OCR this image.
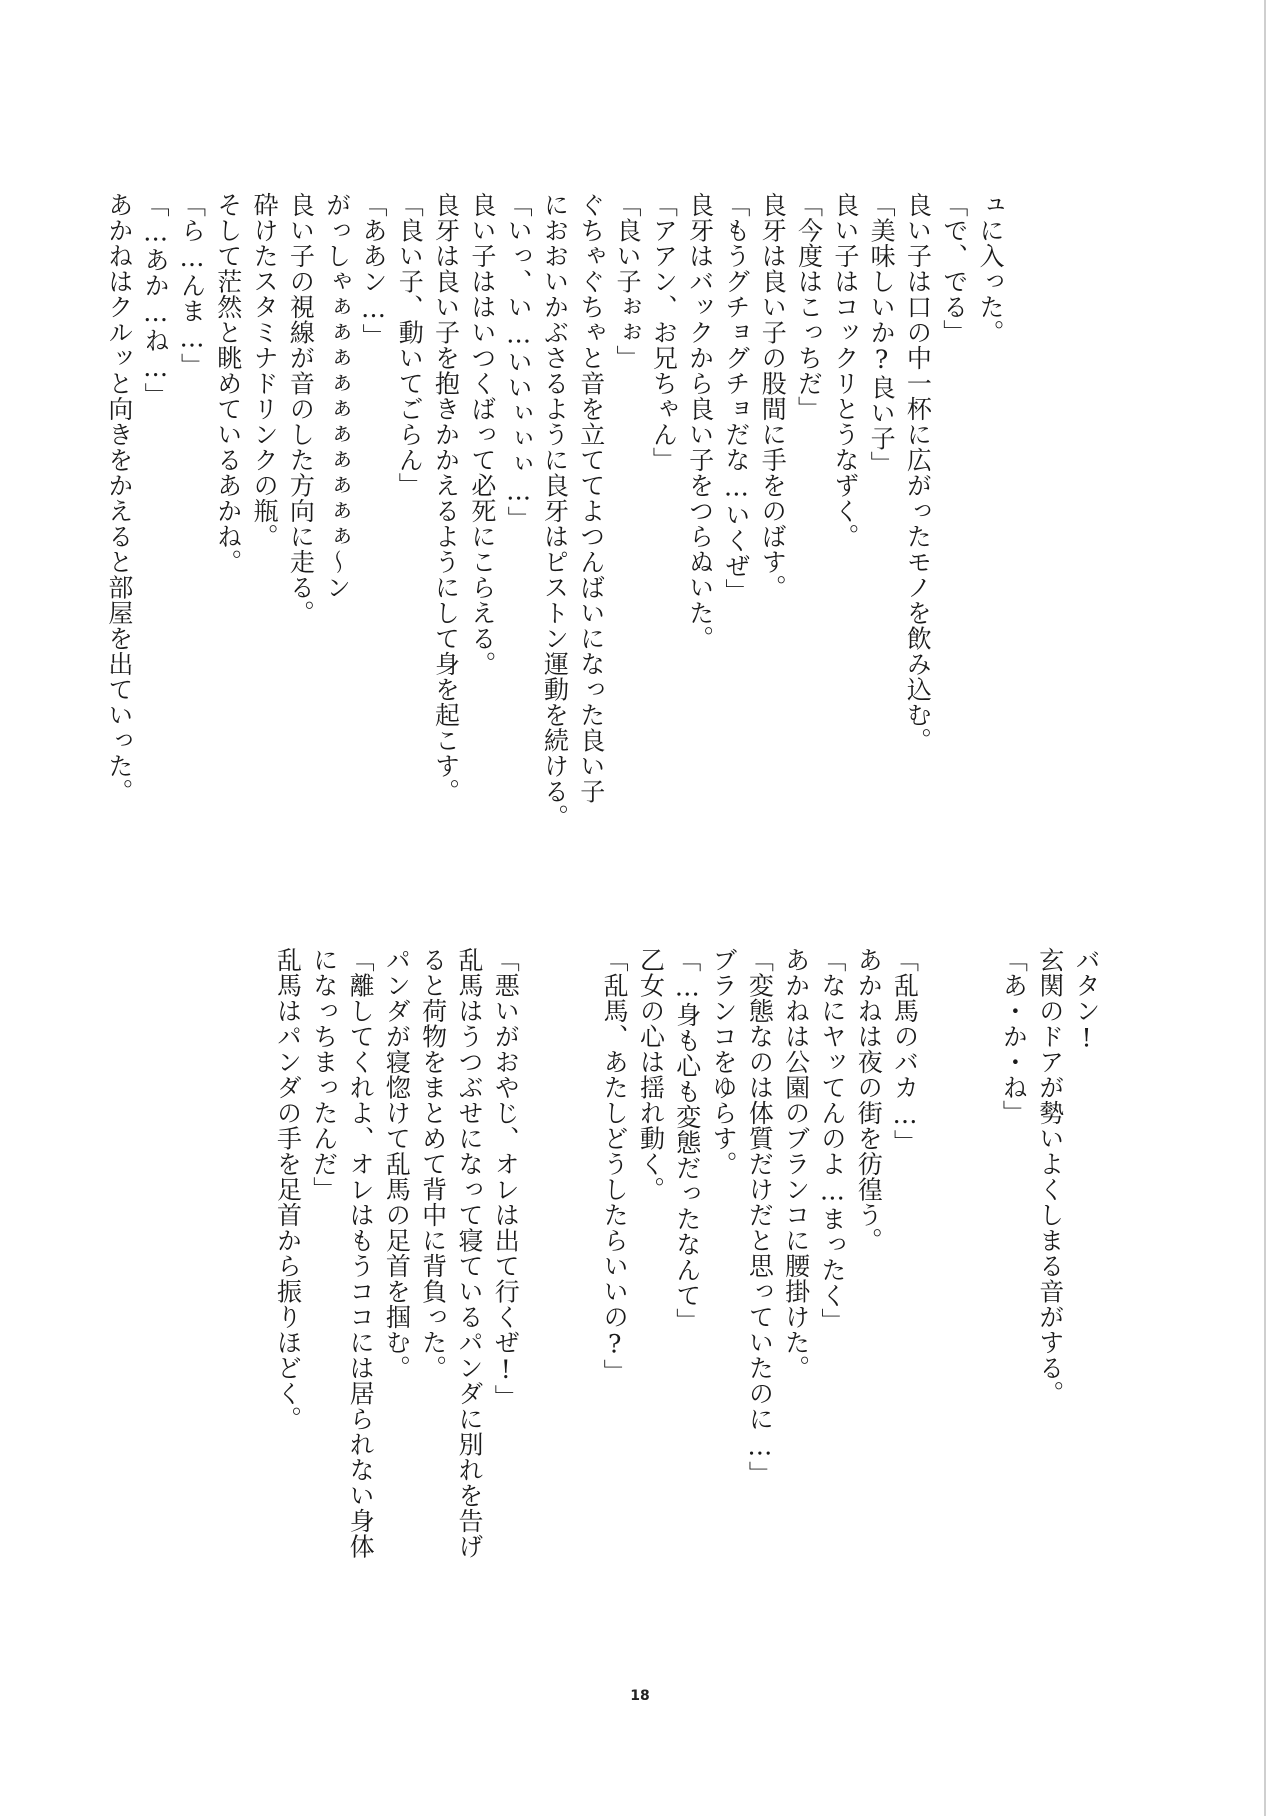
ュに入った。

「で、でる」

良い子は口の中一杯に広がったモノを飲み込む。

「美味しいか?良い子」

良い子はコックリとうなずく。

「今度はこっちだ」

良牙は良い子の股間に手をのばす。

「もうグチョグチョだな…いくぜ」

良牙はバックから良い子をつらぬいた。

「アアン、お兄ちゃん」

「良い子ぉぉ」

ぐちゃぐちゃと音を立ててよつんばいになった良い子

におおいかぶさるように良牙はピストン運動を続ける。

「いっ、い…いいぃぃぃ…」

良い子ははいつくばって必死にこらえる。

良牙は良い子を抱きかかえるようにして身を起こす。

「良い子、動いてごらん」

「ああン…」

がっしゃぁぁぁぁぁぁぁぁぁぁ〜ン

良い子の視線が音のした方向に走る。

砕けたスタミナドリンクの瓶。

そして茫然と眺めているあかね。

「ら…んま…」

「…あか…ね…」

あかねはクルッと向きをかえると部屋を出ていった。

バタン!

玄関のドアが勢いよくしまる音がする。

「あ・か・ね」

「乱馬のバカ…」

あかねは夜の街を彷徨う。

「なにヤッてんのよ…まったく」

あかねは公園のブランコに腰掛けた。

「変態なのは体質だけだと思っていたのに…」

ブランコをゆらす。

「…身も心も変態だったなんて」

乙女の心は揺れ動く。

「乱馬、あたしどうしたらいいの?」

「悪いがおやじ、オレは出て行くぜ!」

乱馬はうつぶせになって寝ているパンダに別れを告げ

ると荷物をまとめて背中に背負った。

パンダが寝惚けて乱馬の足首を掴む。

「離してくれよ、オレはもうココには居られない身体

になっちまったんだ」

乱馬はパンダの手を足首から振りほどく。

18
